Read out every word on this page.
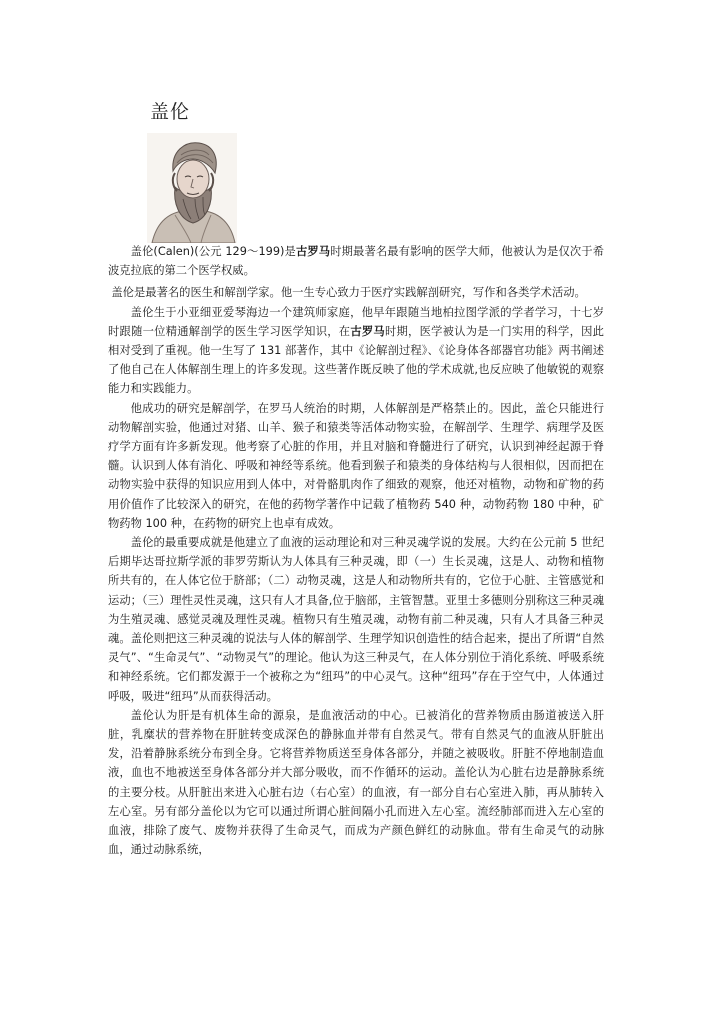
盖伦

盖伦(Calen)(公元 129～199)是古罗马时期最著名最有影响的医学大师，他被认为是仅次于希波克拉底的第二个医学权威。

盖伦是最著名的医生和解剖学家。他一生专心致力于医疗实践解剖研究，写作和各类学术活动。

盖伦生于小亚细亚爱琴海边一个建筑师家庭，他早年跟随当地柏拉图学派的学者学习，十七岁时跟随一位精通解剖学的医生学习医学知识，在古罗马时期，医学被认为是一门实用的科学，因此相对受到了重视。他一生写了 131 部著作，其中《论解剖过程》、《论身体各部器官功能》两书阐述了他自己在人体解剖生理上的许多发现。这些著作既反映了他的学术成就,也反应映了他敏锐的观察能力和实践能力。

他成功的研究是解剖学，在罗马人统治的时期，人体解剖是严格禁止的。因此，盖仑只能进行动物解剖实验，他通过对猪、山羊、猴子和猿类等活体动物实验，在解剖学、生理学、病理学及医疗学方面有许多新发现。他考察了心脏的作用，并且对脑和脊髓进行了研究，认识到神经起源于脊髓。认识到人体有消化、呼吸和神经等系统。他看到猴子和猿类的身体结构与人很相似，因而把在动物实验中获得的知识应用到人体中，对骨骼肌肉作了细致的观察，他还对植物，动物和矿物的药用价值作了比较深入的研究，在他的药物学著作中记载了植物药 540 种，动物药物 180 中种，矿物药物 100 种，在药物的研究上也卓有成效。

盖伦的最重要成就是他建立了血液的运动理论和对三种灵魂学说的发展。大约在公元前 5 世纪后期毕达哥拉斯学派的菲罗劳斯认为人体具有三种灵魂，即（一）生长灵魂，这是人、动物和植物所共有的，在人体它位于脐部；（二）动物灵魂，这是人和动物所共有的，它位于心脏、主管感觉和运动；（三）理性灵性灵魂，这只有人才具备,位于脑部，主管智慧。亚里士多德则分别称这三种灵魂为生殖灵魂、感觉灵魂及理性灵魂。植物只有生殖灵魂，动物有前二种灵魂，只有人才具备三种灵魂。盖伦则把这三种灵魂的说法与人体的解剖学、生理学知识创造性的结合起来，提出了所谓“自然灵气”、“生命灵气”、“动物灵气”的理论。他认为这三种灵气，在人体分别位于消化系统、呼吸系统和神经系统。它们都发源于一个被称之为“纽玛”的中心灵气。这种“纽玛”存在于空气中，人体通过呼吸，吸进“纽玛”从而获得活动。

盖伦认为肝是有机体生命的源泉，是血液活动的中心。已被消化的营养物质由肠道被送入肝脏，乳糜状的营养物在肝脏转变成深色的静脉血并带有自然灵气。带有自然灵气的血液从肝脏出发，沿着静脉系统分布到全身。它将营养物质送至身体各部分，并随之被吸收。肝脏不停地制造血液，血也不地被送至身体各部分并大部分吸收，而不作循环的运动。盖伦认为心脏右边是静脉系统的主要分枝。从肝脏出来进入心脏右边（右心室）的血液，有一部分自右心室进入肺，再从肺转入左心室。另有部分盖伦以为它可以通过所谓心脏间隔小孔而进入左心室。流经肺部而进入左心室的血液，排除了废气、废物并获得了生命灵气，而成为产颜色鲜红的动脉血。带有生命灵气的动脉血，通过动脉系统，
